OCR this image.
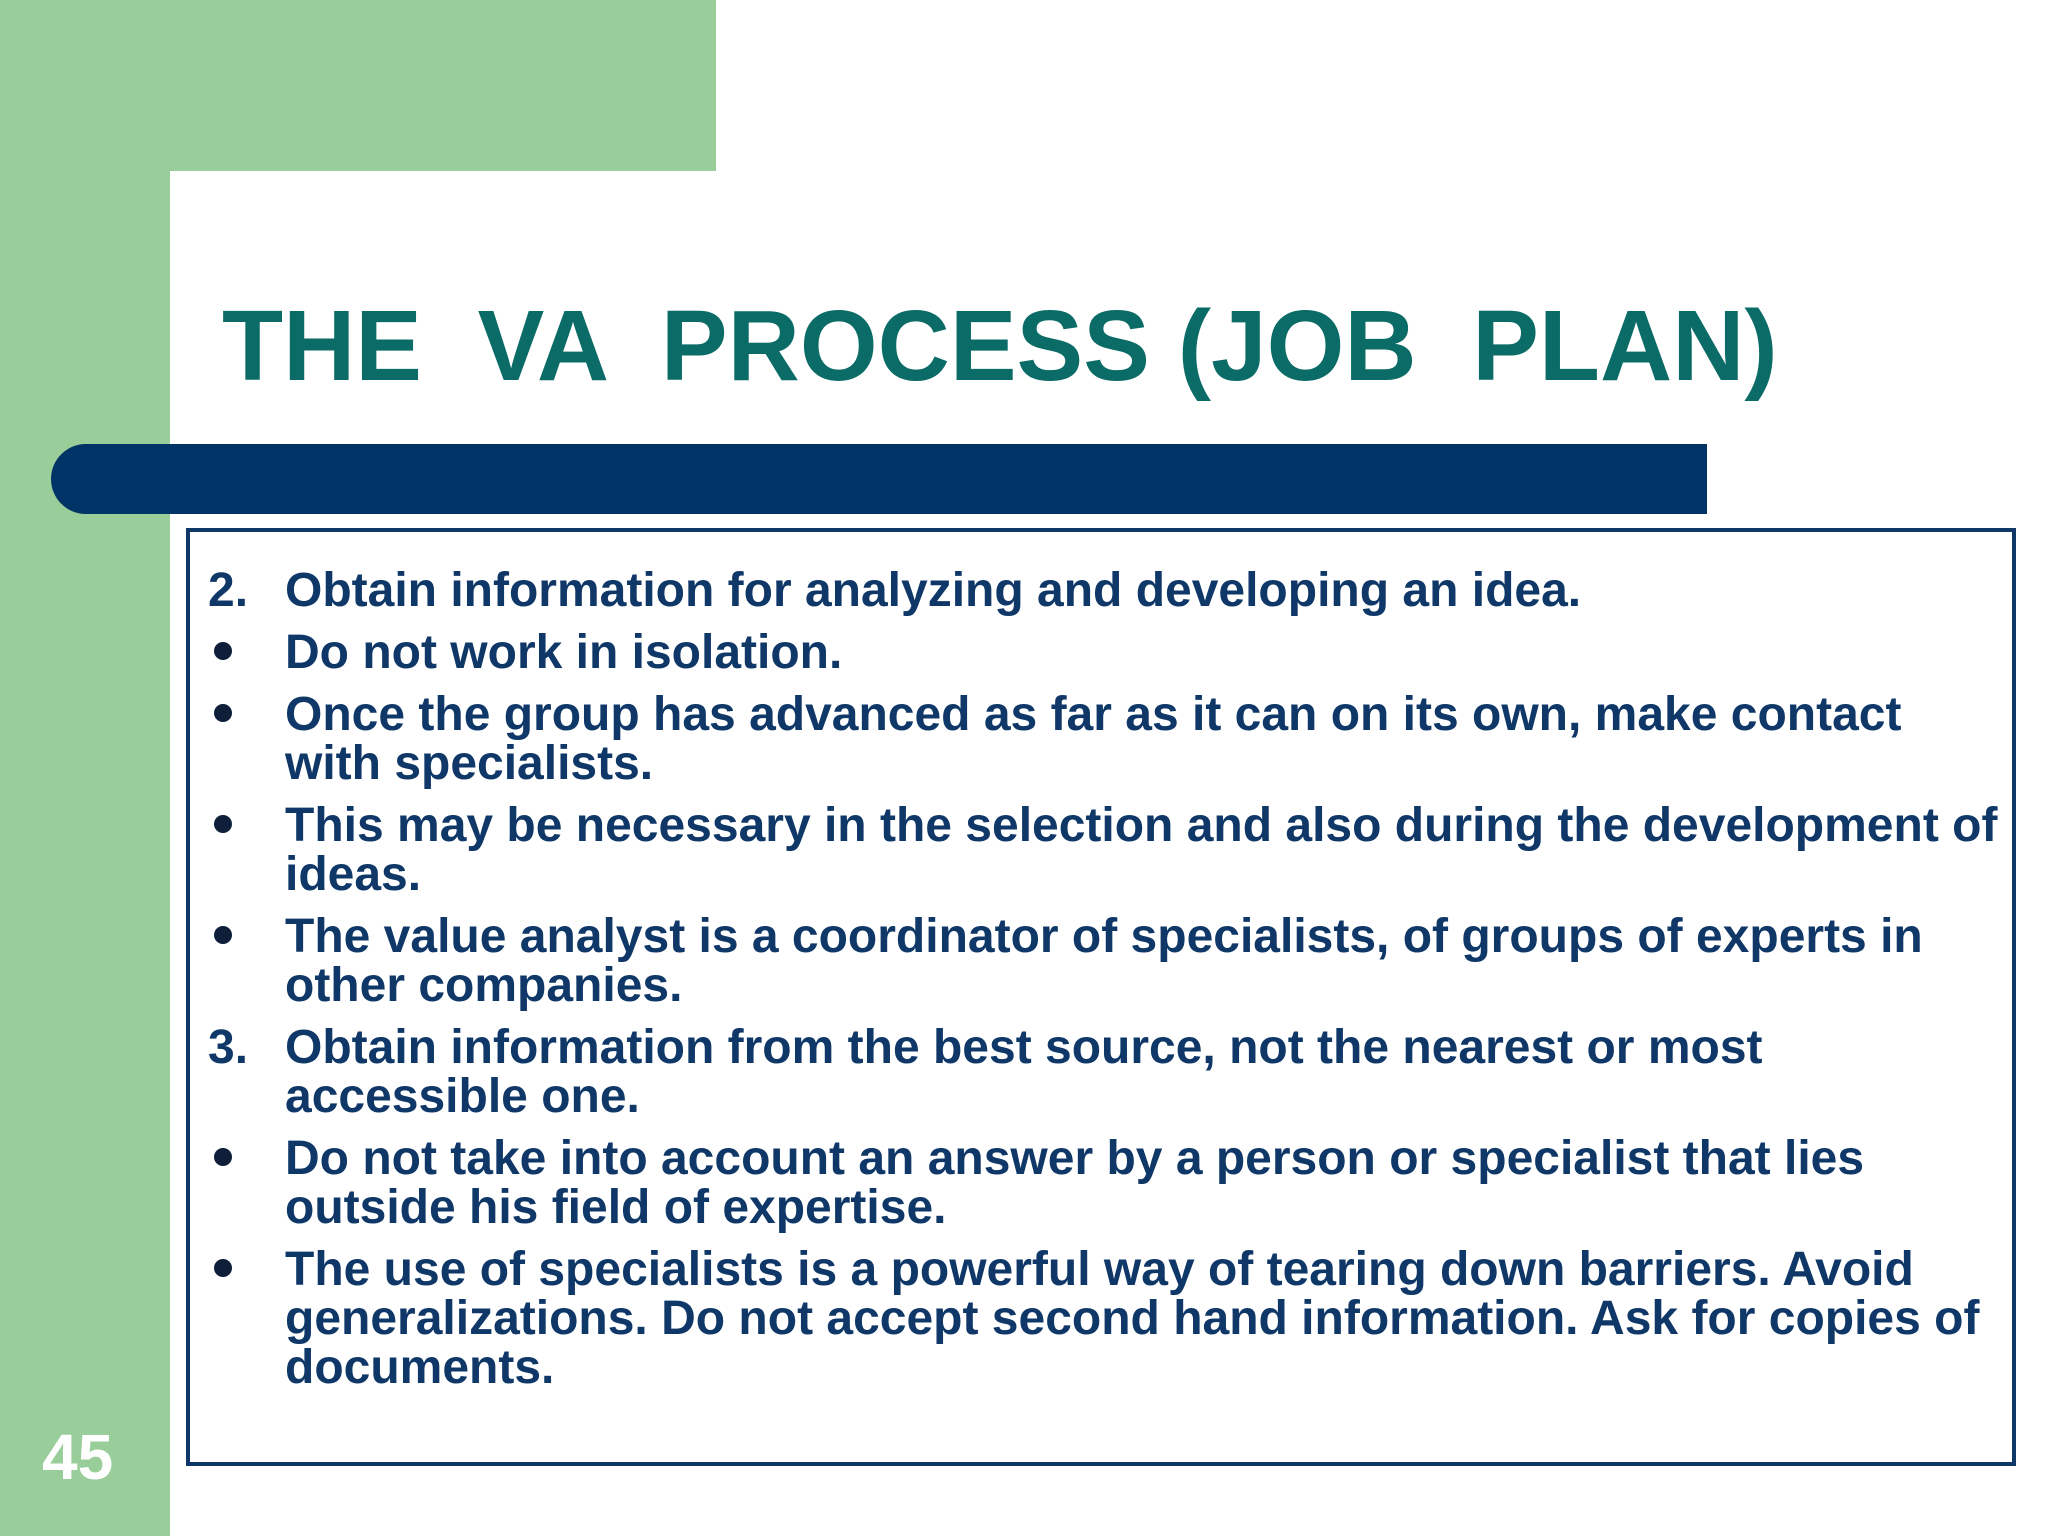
THE  VA  PROCESS (JOB  PLAN)
2. Obtain information for analyzing and developing an idea.
Do not work in isolation.
Once the group has advanced as far as it can on its own, make contact with specialists.
This may be necessary in the selection and also during the development of ideas.
The value analyst is a coordinator of specialists, of groups of experts in other companies.
3. Obtain information from the best source, not the nearest or most accessible one.
Do not take into account an answer by a person or specialist that lies outside his field of expertise.
The use of specialists is a powerful way of tearing down barriers. Avoid generalizations. Do not accept second hand information. Ask for copies of documents.
45
